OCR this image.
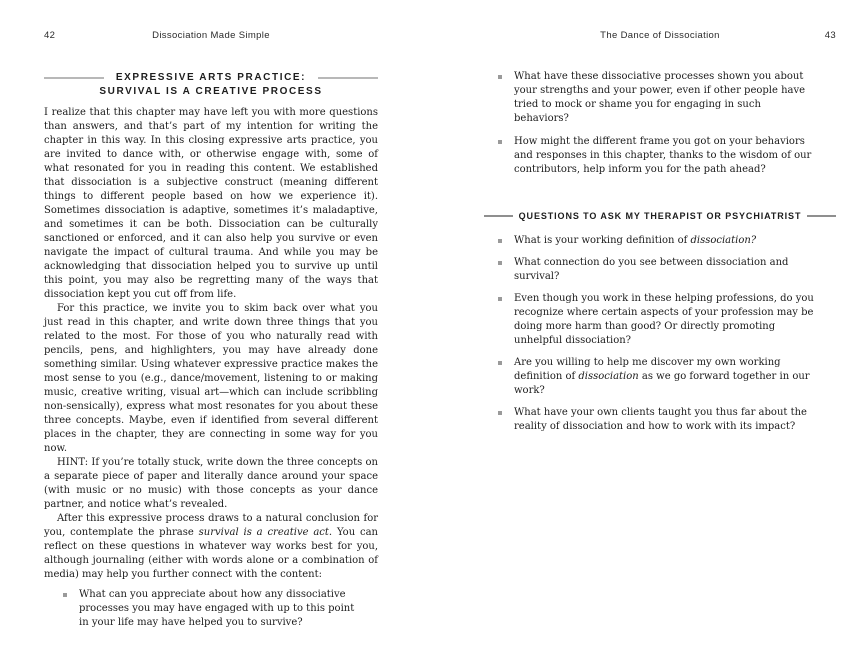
42	Dissociation Made Simple
EXPRESSIVE ARTS PRACTICE:
SURVIVAL IS A CREATIVE PROCESS

I realize that this chapter may have left you with more questions than answers, and that’s part of my intention for writing the chapter in this way. In this closing expressive arts practice, you are invited to dance with, or otherwise engage with, some of what resonated for you in reading this content. We established that dissociation is a subjective construct (meaning different things to different people based on how we experience it). Sometimes dissociation is adaptive, sometimes it’s maladaptive, and sometimes it can be both. Dissociation can be culturally sanctioned or enforced, and it can also help you survive or even navigate the impact of cultural trauma. And while you may be acknowledging that dissociation helped you to survive up until this point, you may also be regretting many of the ways that dissociation kept you cut off from life.

For this practice, we invite you to skim back over what you just read in this chapter, and write down three things that you related to the most. For those of you who naturally read with pencils, pens, and highlighters, you may have already done something similar. Using whatever expressive practice makes the most sense to you (e.g., dance/movement, listening to or making music, creative writing, visual art—which can include scribbling non-sensically), express what most resonates for you about these three concepts. Maybe, even if identified from several different places in the chapter, they are connecting in some way for you now.

HINT: If you’re totally stuck, write down the three concepts on a separate piece of paper and literally dance around your space (with music or no music) with those concepts as your dance partner, and notice what’s revealed.

After this expressive process draws to a natural conclusion for you, contemplate the phrase survival is a creative act. You can reflect on these questions in whatever way works best for you, although journaling (either with words alone or a combination of media) may help you further connect with the content:

What can you appreciate about how any dissociative processes you may have engaged with up to this point in your life may have helped you to survive?
The Dance of Dissociation	43
What have these dissociative processes shown you about your strengths and your power, even if other people have tried to mock or shame you for engaging in such behaviors?
How might the different frame you got on your behaviors and responses in this chapter, thanks to the wisdom of our contributors, help inform you for the path ahead?
QUESTIONS TO ASK MY THERAPIST OR PSYCHIATRIST
What is your working definition of dissociation?
What connection do you see between dissociation and survival?
Even though you work in these helping professions, do you recognize where certain aspects of your profession may be doing more harm than good? Or directly promoting unhelpful dissociation?
Are you willing to help me discover my own working definition of dissociation as we go forward together in our work?
What have your own clients taught you thus far about the reality of dissociation and how to work with its impact?
